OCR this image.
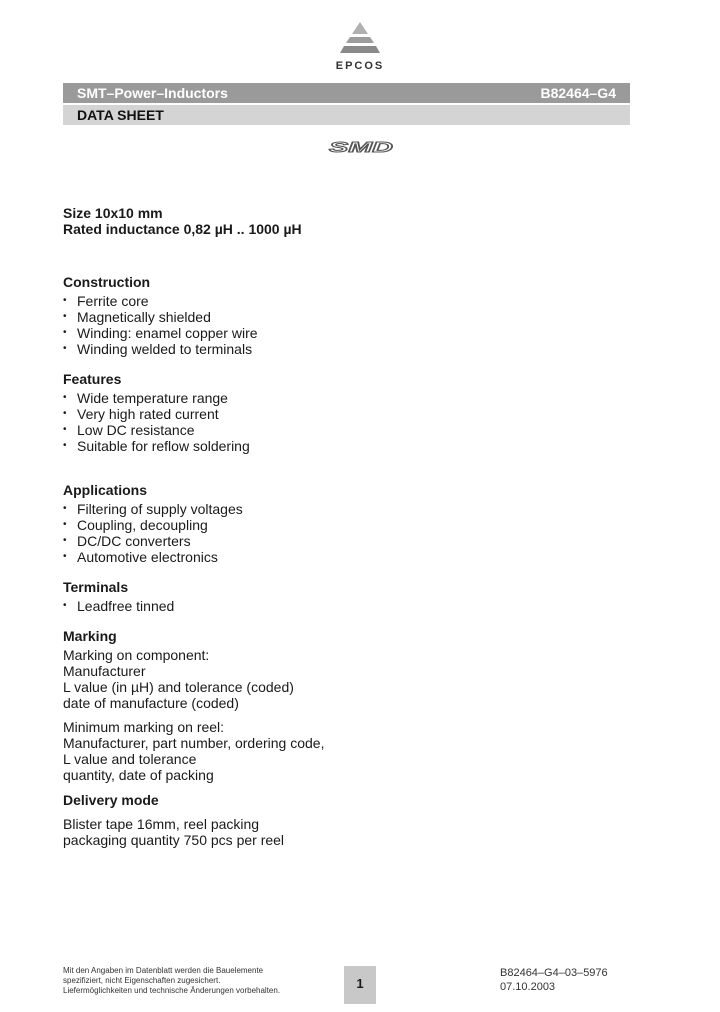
EPCOS
SMT–Power–Inductors	B82464–G4
DATA SHEET
SMD

Size 10x10 mm

Rated inductance 0,82 µH .. 1000 µH

Construction

• Ferrite core

• Magnetically shielded

• Winding: enamel copper wire

• Winding welded to terminals

Features

• Wide temperature range

• Very high rated current

• Low DC resistance

• Suitable for reflow soldering

Applications

• Filtering of supply voltages

• Coupling, decoupling

• DC/DC converters

• Automotive electronics

Terminals

• Leadfree tinned

Marking

Marking on component:

Manufacturer

L value (in µH) and tolerance (coded)

date of manufacture (coded)

Minimum marking on reel:

Manufacturer, part number, ordering code,

L value and tolerance

quantity, date of packing

Delivery mode

Blister tape 16mm, reel packing

packaging quantity 750 pcs per reel

Mit den Angaben im Datenblatt werden die Bauelemente
spezifiziert, nicht Eigenschaften zugesichert.
Liefermöglichkeiten und technische Änderungen vorbehalten.	1
B82464–G4–03–5976
07.10.2003
